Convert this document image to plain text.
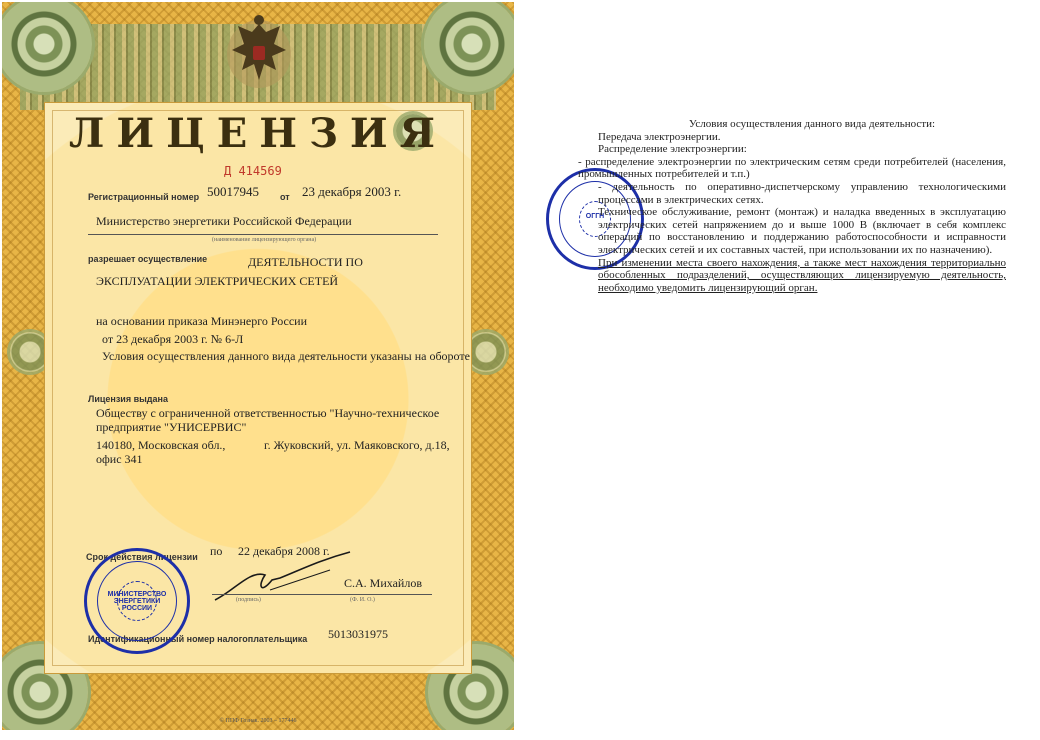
ЛИЦЕНЗИЯ
Д 414569
Регистрационный номер 50017945 от 23 декабря 2003 г.
Министерство энергетики Российской Федерации
(наименование лицензирующего органа)
разрешает осуществление	ДЕЯТЕЛЬНОСТИ ПО
ЭКСПЛУАТАЦИИ ЭЛЕКТРИЧЕСКИХ СЕТЕЙ
на основании приказа Минэнерго России
от 23 декабря 2003 г. № 6-Л
Условия осуществления данного вида деятельности указаны на обороте
Лицензия выдана
Обществу с ограниченной ответственностью "Научно-техническое
предприятие "УНИСЕРВИС"
140180, Московская обл.,	г. Жуковский, ул. Маяковского, д.18,
офис 341
Срок действия лицензии по 22 декабря 2008 г.
(подпись)	(Ф. И. О.)
С.А. Михайлов
Идентификационный номер налогоплательщика 5013031975
МИНИСТЕРСТВО ЭНЕРГЕТИКИ
РОССИИ
© ППФ Гознак. 2003 – 177446
ОГГН
Условия осуществления данного вида деятельности:
Передача электроэнергии.
Распределение электроэнергии:
- распределение электроэнергии по электрическим сетям среди потребителей (населения, промышленных потребителей и т.п.)
- деятельность по оперативно-диспетчерскому управлению технологическими процессами в электрических сетях.
Техническое обслуживание, ремонт (монтаж) и наладка введенных в эксплуатацию электрических сетей напряжением до и выше 1000 В (включает в себя комплекс операций по восстановлению и поддержанию работоспособности и исправности электрических сетей и их составных частей, при использовании их по назначению).
При изменении места своего нахождения, а также мест нахождения территориально обособленных подразделений, осуществляющих лицензируемую деятельность, необходимо уведомить лицензирующий орган.
